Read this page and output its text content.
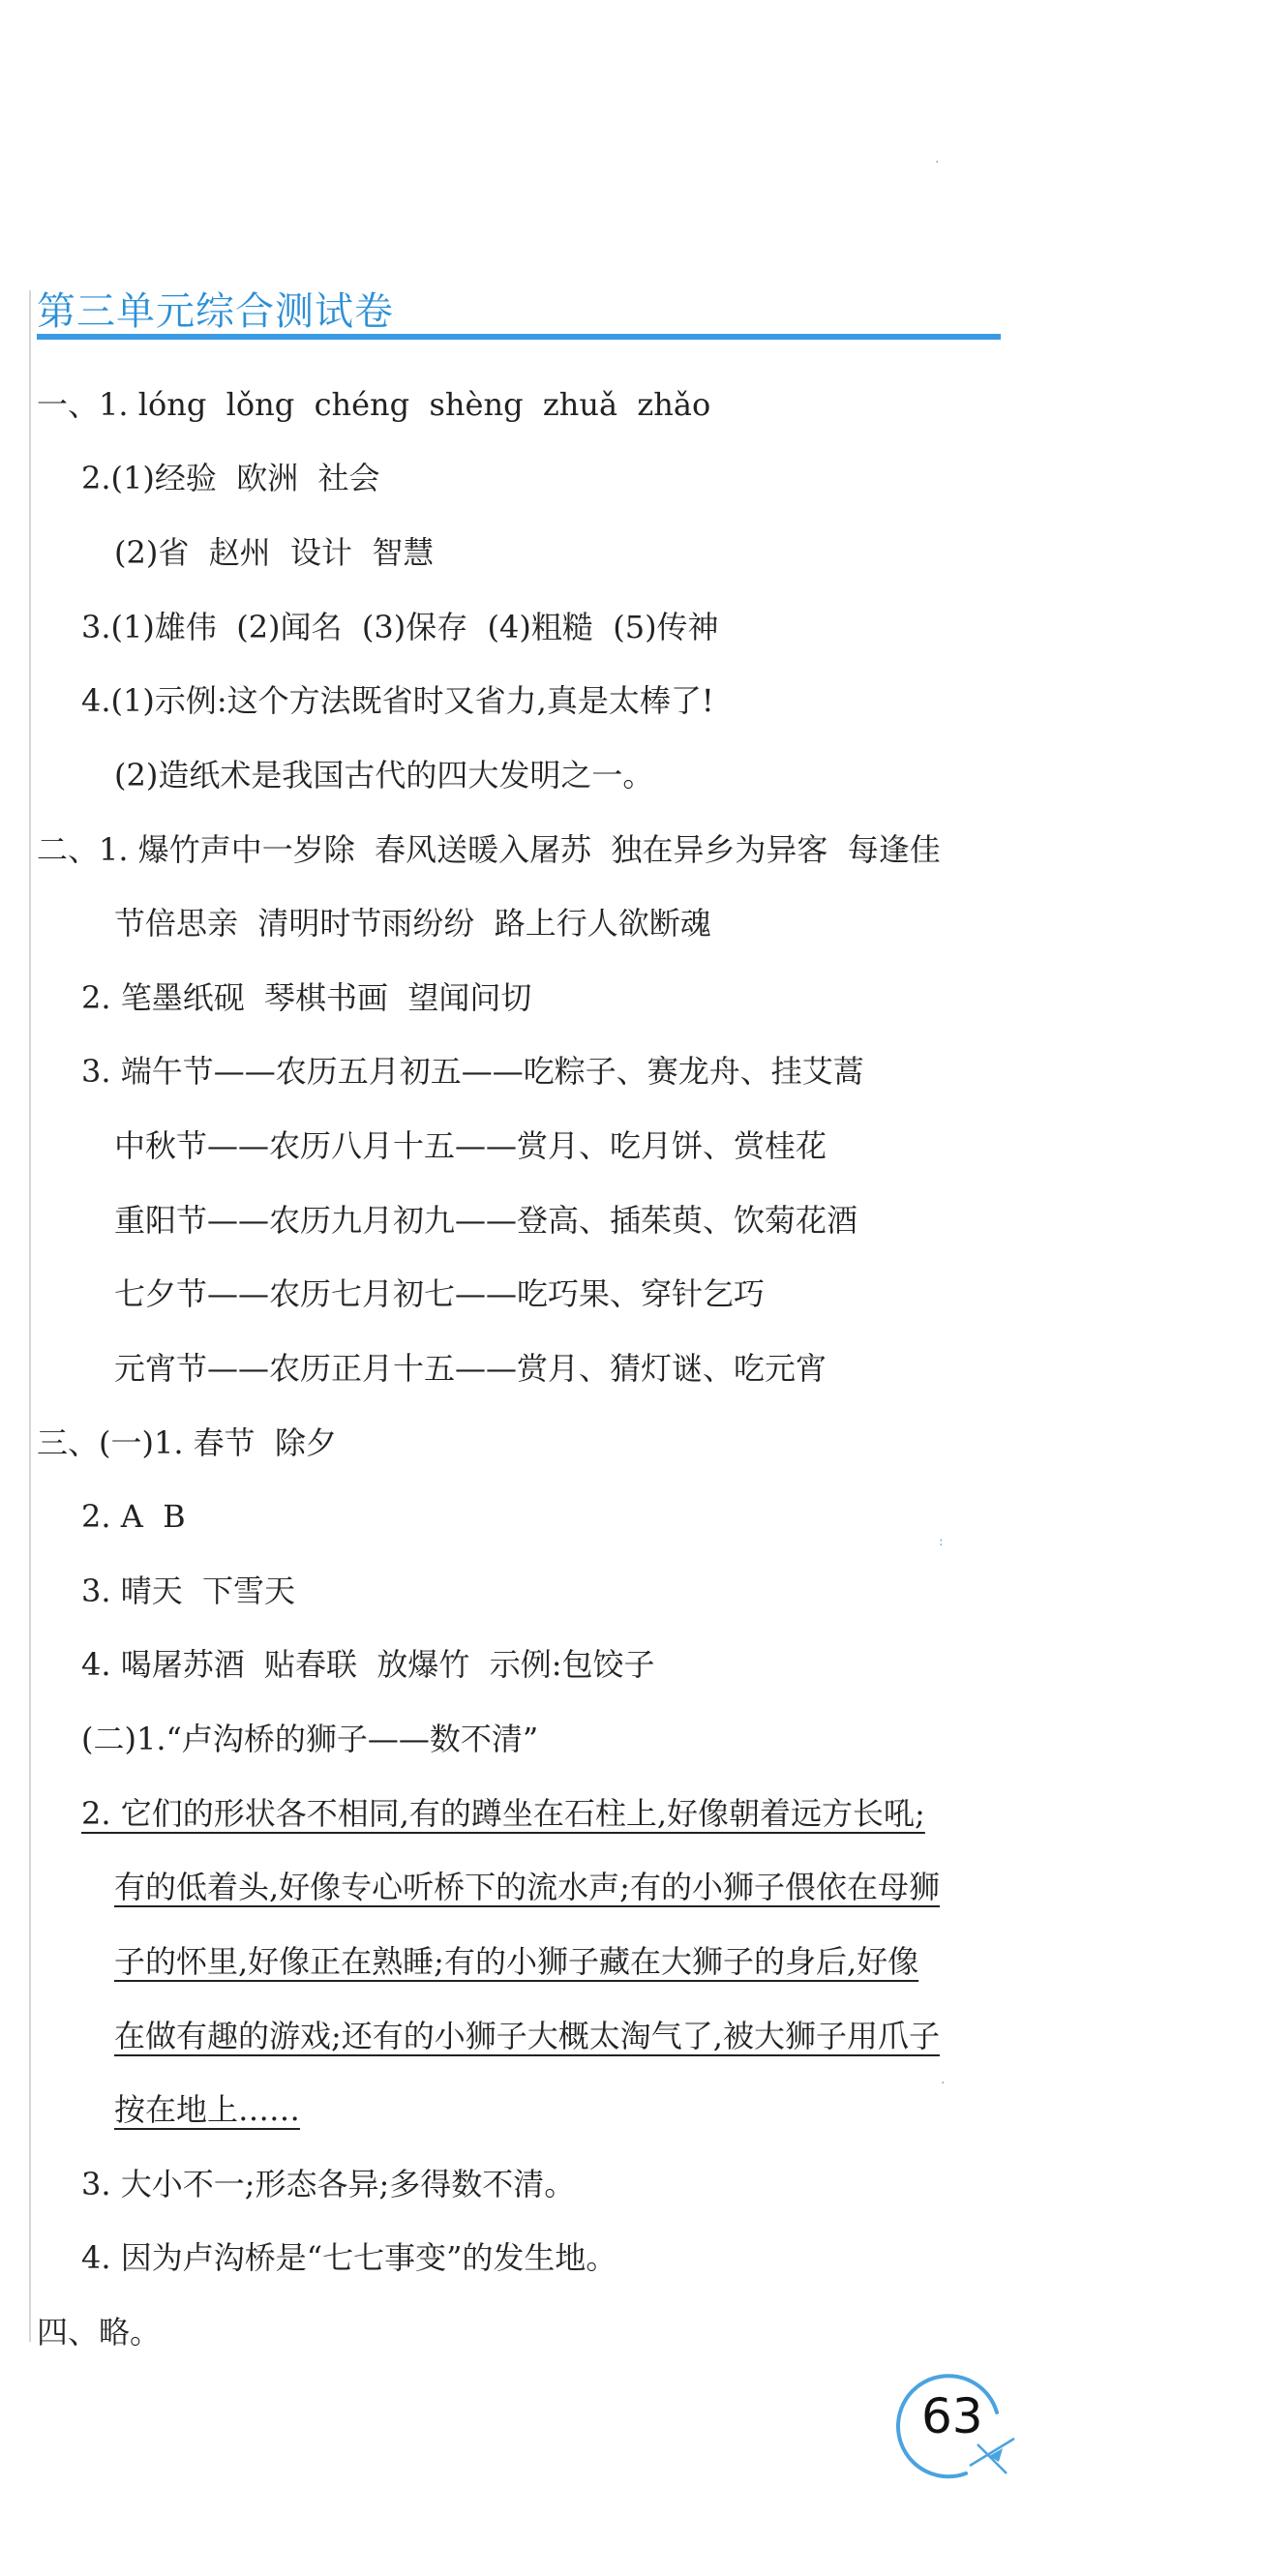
第三单元综合测试卷
一、1. lóng  lǒng  chéng  shèng  zhuǎ  zhǎo
2.(1)经验  欧洲  社会
(2)省  赵州  设计  智慧
3.(1)雄伟  (2)闻名  (3)保存  (4)粗糙  (5)传神
4.(1)示例:这个方法既省时又省力,真是太棒了!
(2)造纸术是我国古代的四大发明之一。
二、1. 爆竹声中一岁除  春风送暖入屠苏  独在异乡为异客  每逢佳
节倍思亲  清明时节雨纷纷  路上行人欲断魂
2. 笔墨纸砚  琴棋书画  望闻问切
3. 端午节——农历五月初五——吃粽子、赛龙舟、挂艾蒿
中秋节——农历八月十五——赏月、吃月饼、赏桂花
重阳节——农历九月初九——登高、插茱萸、饮菊花酒
七夕节——农历七月初七——吃巧果、穿针乞巧
元宵节——农历正月十五——赏月、猜灯谜、吃元宵
三、(一)1. 春节  除夕
2. A  B
3. 晴天  下雪天
4. 喝屠苏酒  贴春联  放爆竹  示例:包饺子
(二)1.“卢沟桥的狮子——数不清”
2. 它们的形状各不相同,有的蹲坐在石柱上,好像朝着远方长吼;
有的低着头,好像专心听桥下的流水声;有的小狮子偎依在母狮
子的怀里,好像正在熟睡;有的小狮子藏在大狮子的身后,好像
在做有趣的游戏;还有的小狮子大概太淘气了,被大狮子用爪子
按在地上……
3. 大小不一;形态各异;多得数不清。
4. 因为卢沟桥是“七七事变”的发生地。
四、略。
·
:
·
63
